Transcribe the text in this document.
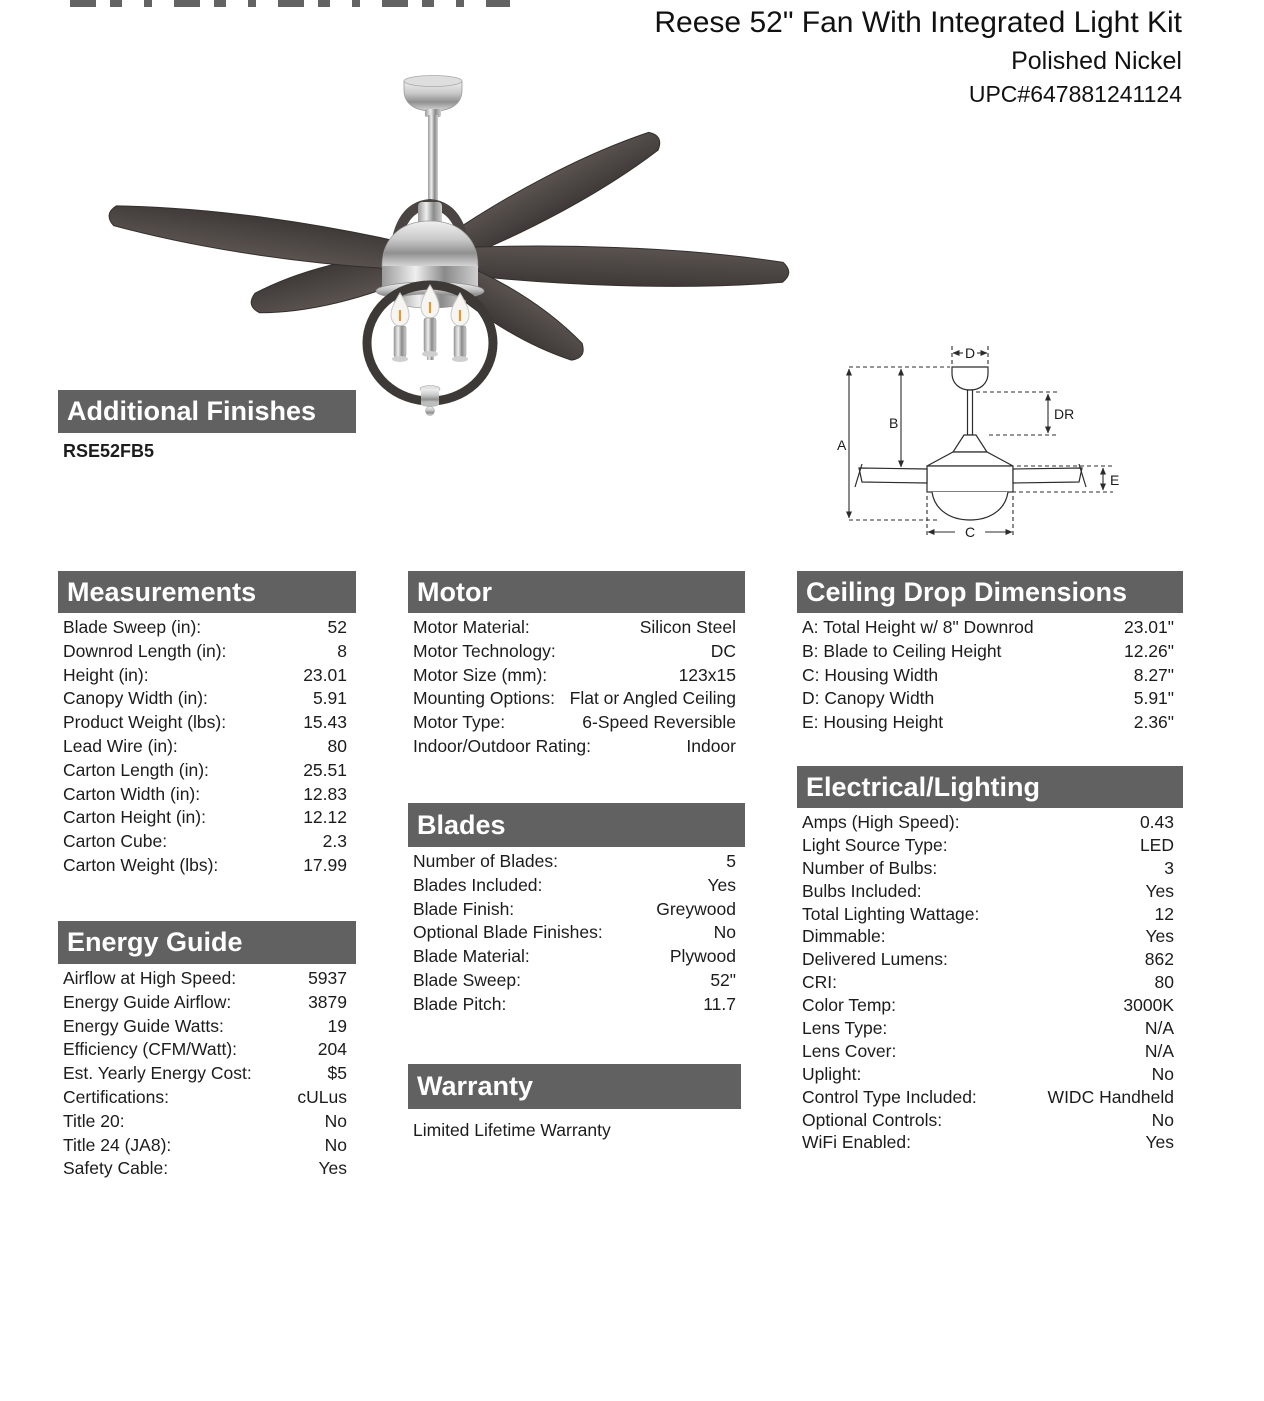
Reese 52" Fan With Integrated Light Kit
Polished Nickel
UPC#647881241124
Additional Finishes
RSE52FB5	A
B
C
D
DR
E
Measurements
Blade Sweep (in):	52
Downrod Length (in):	8
Height (in):	23.01
Canopy Width (in):	5.91
Product Weight (lbs):	15.43
Lead Wire (in):	80
Carton Length (in):	25.51
Carton Width (in):	12.83
Carton Height (in):	12.12
Carton Cube:	2.3
Carton Weight (lbs):	17.99
Energy Guide
Airflow at High Speed:	5937
Energy Guide Airflow:	3879
Energy Guide Watts:	19
Efficiency (CFM/Watt):	204
Est. Yearly Energy Cost:	$5
Certifications:	cULus
Title 20:	No
Title 24 (JA8):	No
Safety Cable:	Yes
Motor
Motor Material:	Silicon Steel
Motor Technology:	DC
Motor Size (mm):	123x15
Mounting Options: Flat or Angled Ceiling
Motor Type:	6-Speed Reversible
Indoor/Outdoor Rating:	Indoor
Blades
Number of Blades:	5
Blades Included:	Yes
Blade Finish:	Greywood
Optional Blade Finishes:	No
Blade Material:	Plywood
Blade Sweep:	52"
Blade Pitch:	11.7
Warranty
Limited Lifetime Warranty
Ceiling Drop Dimensions
A: Total Height w/ 8" Downrod	23.01"
B: Blade to Ceiling Height	12.26"
C: Housing Width	8.27"
D: Canopy Width	5.91"
E: Housing Height	2.36"
Electrical/Lighting
Amps (High Speed):	0.43
Light Source Type:	LED
Number of Bulbs:	3
Bulbs Included:	Yes
Total Lighting Wattage:	12
Dimmable:	Yes
Delivered Lumens:	862
CRI:	80
Color Temp:	3000K
Lens Type:	N/A
Lens Cover:	N/A
Uplight:	No
Control Type Included:	WIDC Handheld
Optional Controls:	No
WiFi Enabled:	Yes
